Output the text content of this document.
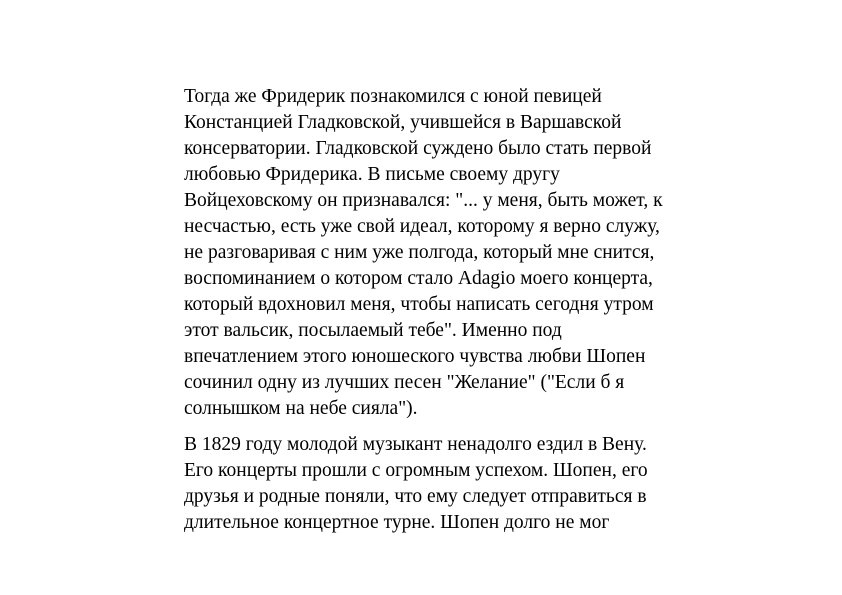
Тогда же Фридерик познакомился с юной певицей
Констанцией Гладковской, учившейся в Варшавской
консерватории. Гладковской суждено было стать первой
любовью Фридерика. В письме своему другу
Войцеховскому он признавался: "... у меня, быть может, к
несчастью, есть уже свой идеал, которому я верно служу,
не разговаривая с ним уже полгода, который мне снится,
воспоминанием о котором стало Adagio моего концерта,
который вдохновил меня, чтобы написать сегодня утром
этот вальсик, посылаемый тебе". Именно под
впечатлением этого юношеского чувства любви Шопен
сочинил одну из лучших песен "Желание" ("Если б я
солнышком на небе сияла").

В 1829 году молодой музыкант ненадолго ездил в Вену.
Его концерты прошли с огромным успехом. Шопен, его
друзья и родные поняли, что ему следует отправиться в
длительное концертное турне. Шопен долго не мог
